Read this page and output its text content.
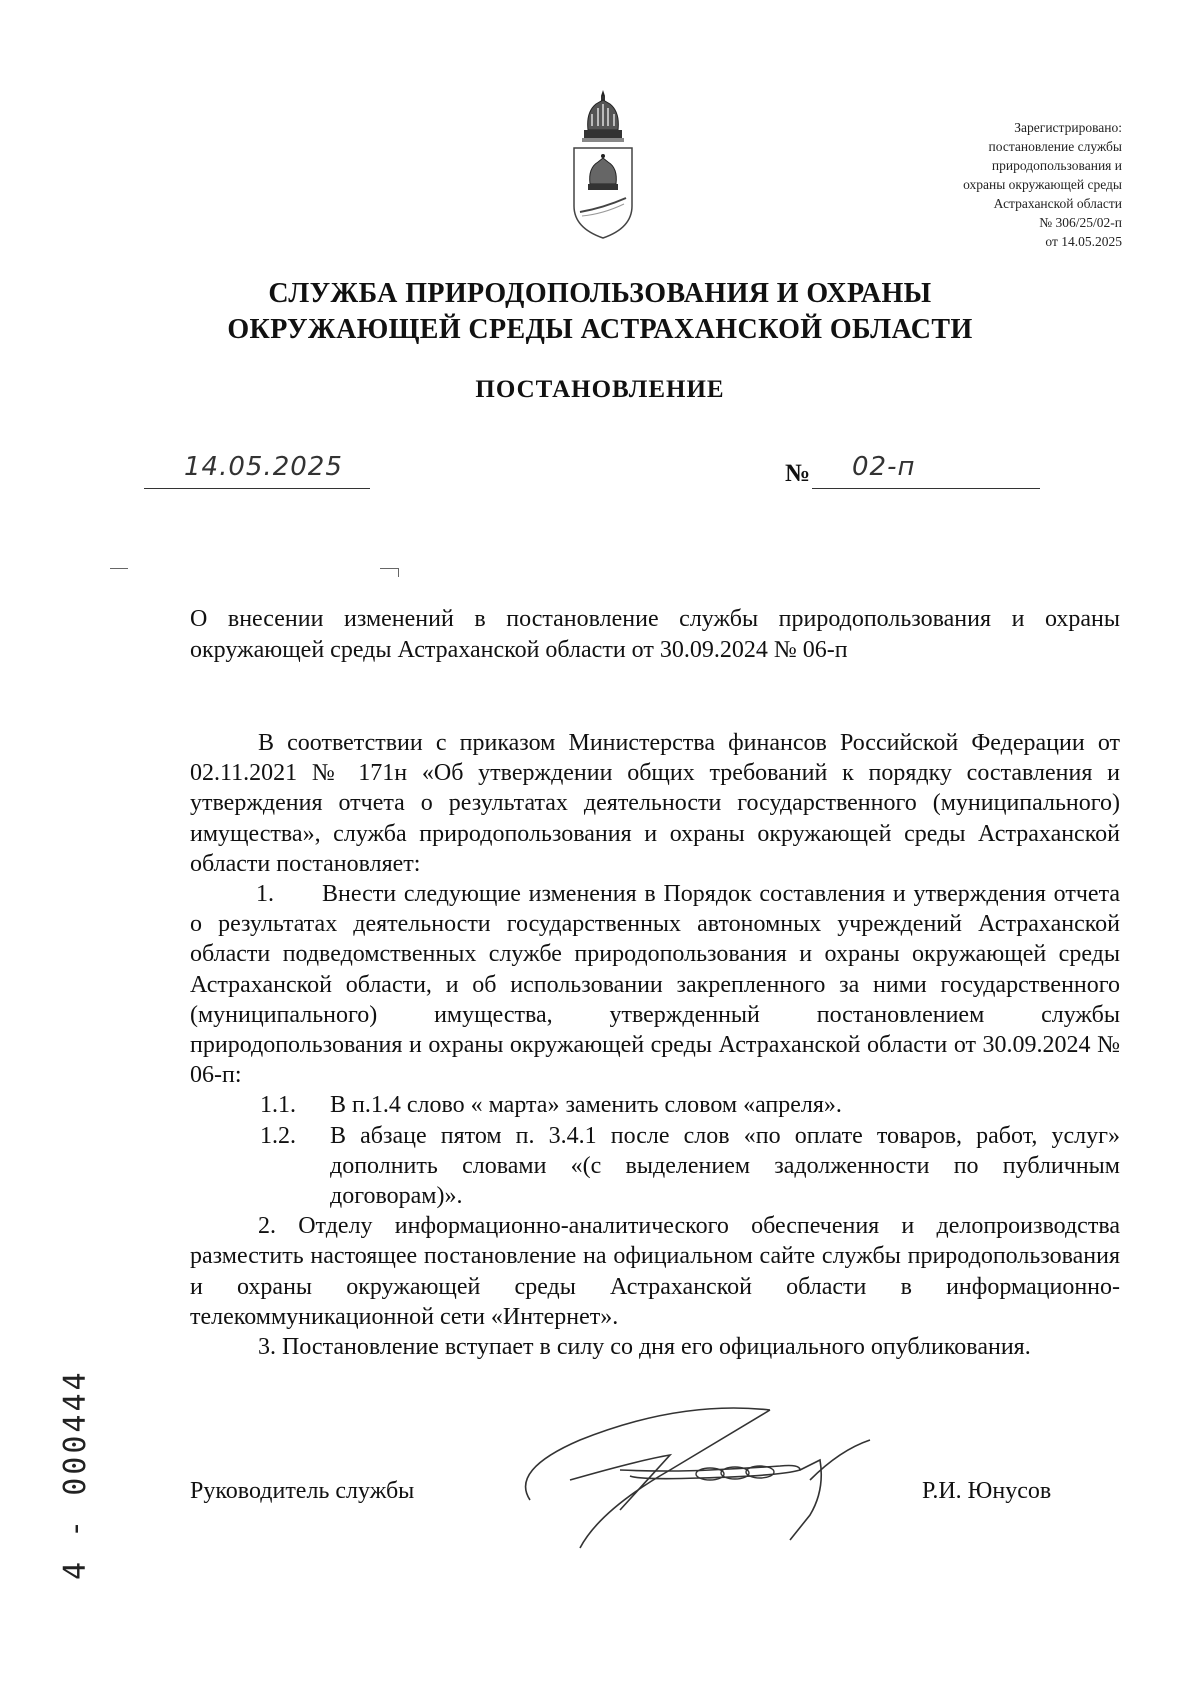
Зарегистрировано:
постановление службы
природопользования и
охраны окружающей среды
Астраханской области
№ 306/25/02-п
от 14.05.2025
СЛУЖБА ПРИРОДОПОЛЬЗОВАНИЯ И ОХРАНЫ
ОКРУЖАЮЩЕЙ СРЕДЫ АСТРАХАНСКОЙ ОБЛАСТИ
ПОСТАНОВЛЕНИЕ
14.05.2025	№ 02-п
О внесении изменений в постановление службы природопользования и охраны окружающей среды Астраханской области от 30.09.2024 № 06-п

В соответствии с приказом Министерства финансов Российской Федерации от 02.11.2021 № 171н «Об утверждении общих требований к порядку составления и утверждения отчета о результатах деятельности государственного (муниципального) имущества», служба природопользования и охраны окружающей среды Астраханской области постановляет:

1.	Внести следующие изменения в Порядок составления и утверждения отчета о результатах деятельности государственных автономных учреждений Астраханской области подведомственных службе природопользования и охраны окружающей среды Астраханской области, и об использовании закрепленного за ними государственного (муниципального) имущества, утвержденный постановлением службы природопользования и охраны окружающей среды Астраханской области от 30.09.2024 № 06-п:

1.1.	В п.1.4 слово « марта» заменить словом «апреля».
1.2.	В абзаце пятом п. 3.4.1 после слов «по оплате товаров, работ, услуг» дополнить словами «(с выделением задолженности по публичным договорам)».

2. Отделу информационно-аналитического обеспечения и делопроизводства разместить настоящее постановление на официальном сайте службы природопользования и охраны окружающей среды Астраханской области в информационно-телекоммуникационной сети «Интернет».

3. Постановление вступает в силу со дня его официального опубликования.

Руководитель службы	Р.И. Юнусов
4 - 000444
